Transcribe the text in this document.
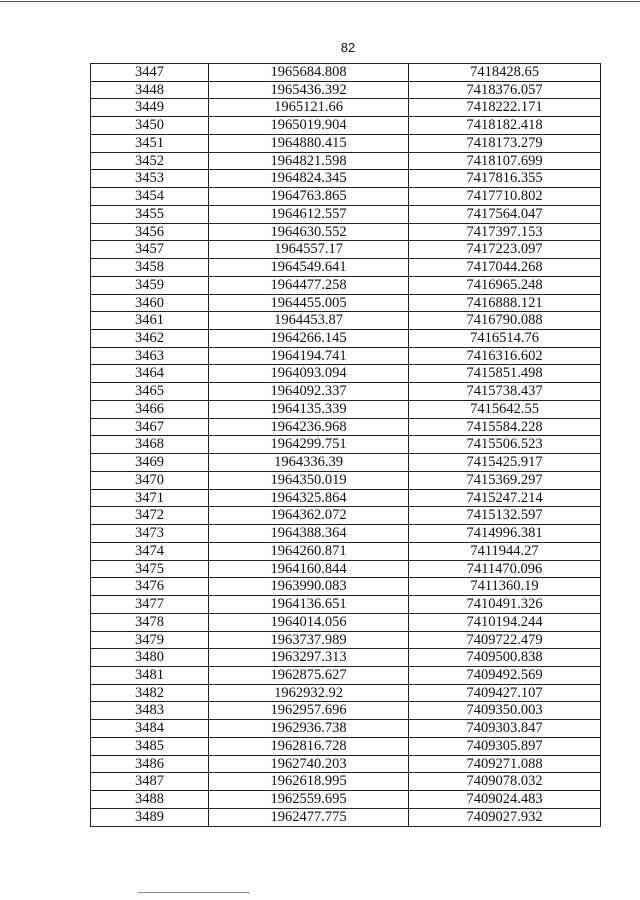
82
3447	1965684.808	7418428.65
3448	1965436.392	7418376.057
3449	1965121.66	7418222.171
3450	1965019.904	7418182.418
3451	1964880.415	7418173.279
3452	1964821.598	7418107.699
3453	1964824.345	7417816.355
3454	1964763.865	7417710.802
3455	1964612.557	7417564.047
3456	1964630.552	7417397.153
3457	1964557.17	7417223.097
3458	1964549.641	7417044.268
3459	1964477.258	7416965.248
3460	1964455.005	7416888.121
3461	1964453.87	7416790.088
3462	1964266.145	7416514.76
3463	1964194.741	7416316.602
3464	1964093.094	7415851.498
3465	1964092.337	7415738.437
3466	1964135.339	7415642.55
3467	1964236.968	7415584.228
3468	1964299.751	7415506.523
3469	1964336.39	7415425.917
3470	1964350.019	7415369.297
3471	1964325.864	7415247.214
3472	1964362.072	7415132.597
3473	1964388.364	7414996.381
3474	1964260.871	7411944.27
3475	1964160.844	7411470.096
3476	1963990.083	7411360.19
3477	1964136.651	7410491.326
3478	1964014.056	7410194.244
3479	1963737.989	7409722.479
3480	1963297.313	7409500.838
3481	1962875.627	7409492.569
3482	1962932.92	7409427.107
3483	1962957.696	7409350.003
3484	1962936.738	7409303.847
3485	1962816.728	7409305.897
3486	1962740.203	7409271.088
3487	1962618.995	7409078.032
3488	1962559.695	7409024.483
3489	1962477.775	7409027.932
